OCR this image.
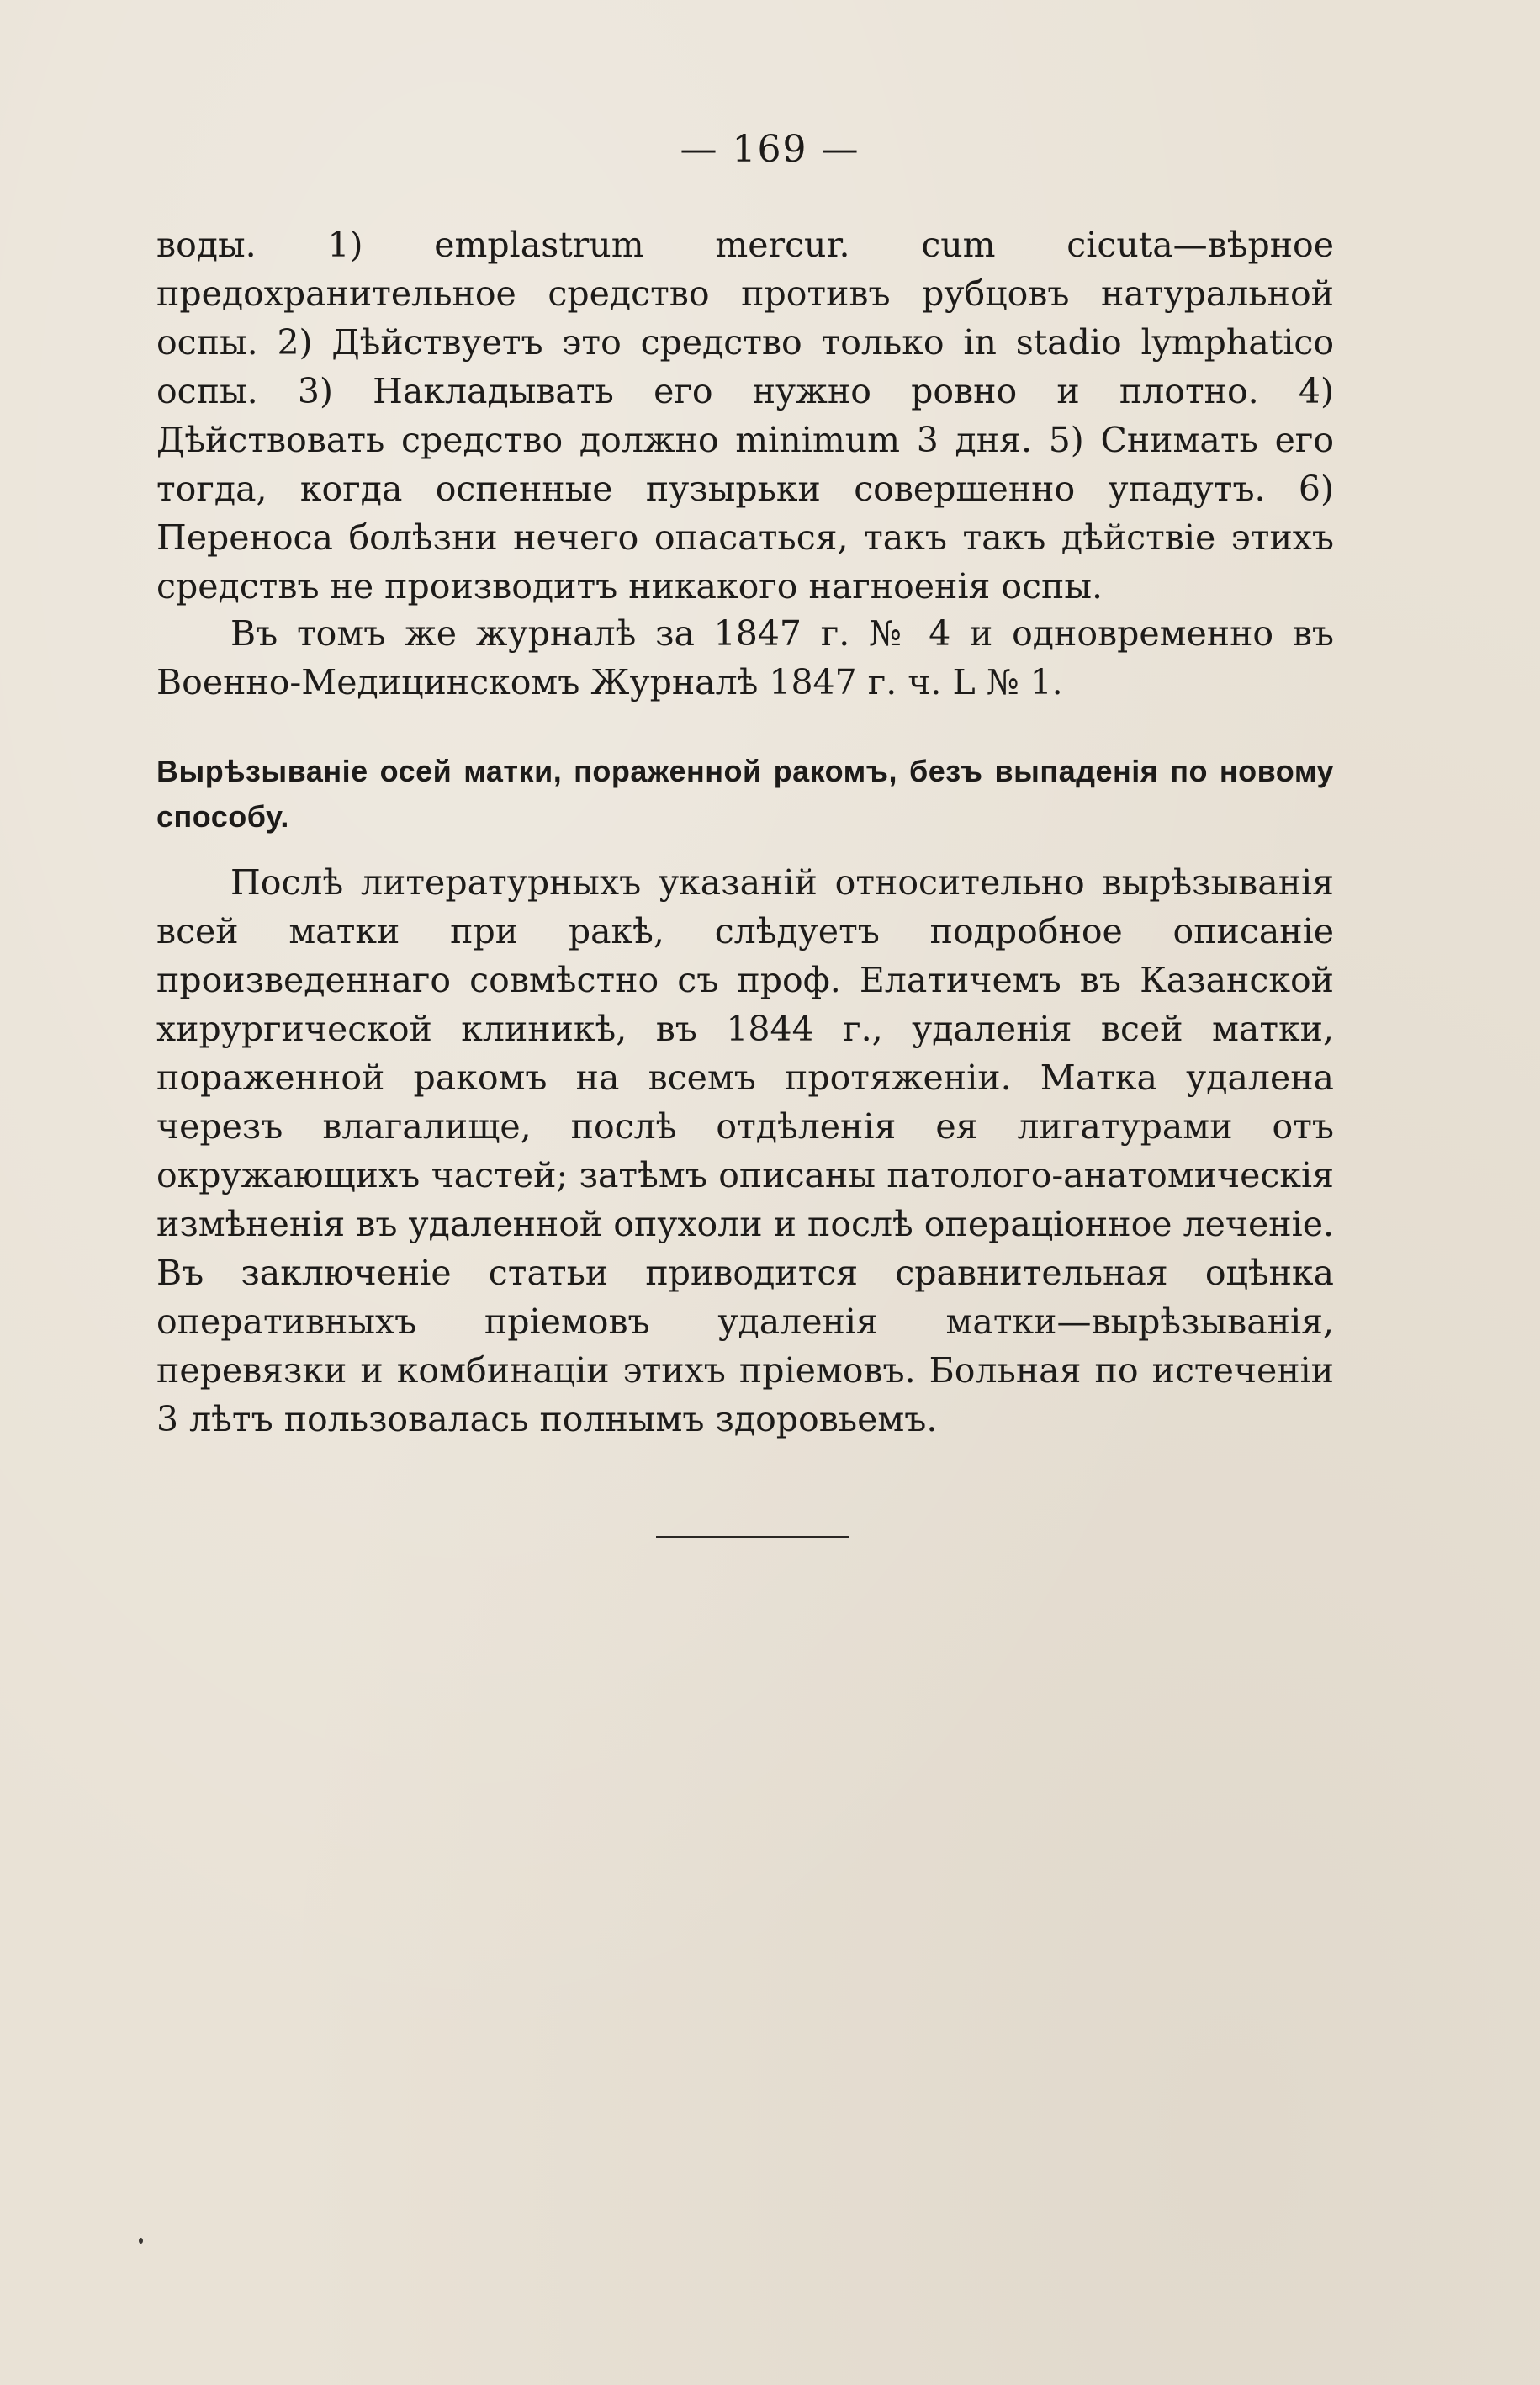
— 169 —
воды. 1) emplastrum mercur. cum cicuta—вѣрное предохранительное средство противъ рубцовъ натуральной оспы. 2) Дѣйствуетъ это средство только in stadio lymphatico оспы. 3) Накладывать его нужно ровно и плотно. 4) Дѣйствовать средство должно minimum 3 дня. 5) Снимать его тогда, когда оспенные пузырьки совершенно упадутъ. 6) Переноса болѣзни нечего опасаться, такъ такъ дѣйствіе этихъ средствъ не производитъ никакого нагноенія оспы.
Въ томъ же журналѣ за 1847 г. № 4 и одновременно въ Военно-Медицинскомъ Журналѣ 1847 г. ч. L № 1.
Вырѣзываніе осей матки, пораженной ракомъ, безъ выпаденія по новому способу.
Послѣ литературныхъ указаній относительно вырѣзыванія всей матки при ракѣ, слѣдуетъ подробное описаніе произведеннаго совмѣстно съ проф. Елатичемъ въ Казанской хирургической клиникѣ, въ 1844 г., удаленія всей матки, пораженной ракомъ на всемъ протяженіи. Матка удалена черезъ влагалище, послѣ отдѣленія ея лигатурами отъ окружающихъ частей; затѣмъ описаны патолого-анатомическія измѣненія въ удаленной опухоли и послѣ операціонное леченіе. Въ заключеніе статьи приводится сравнительная оцѣнка оперативныхъ пріемовъ удаленія матки—вырѣзыванія, перевязки и комбинаціи этихъ пріемовъ. Больная по истеченіи 3 лѣтъ пользовалась полнымъ здоровьемъ.
